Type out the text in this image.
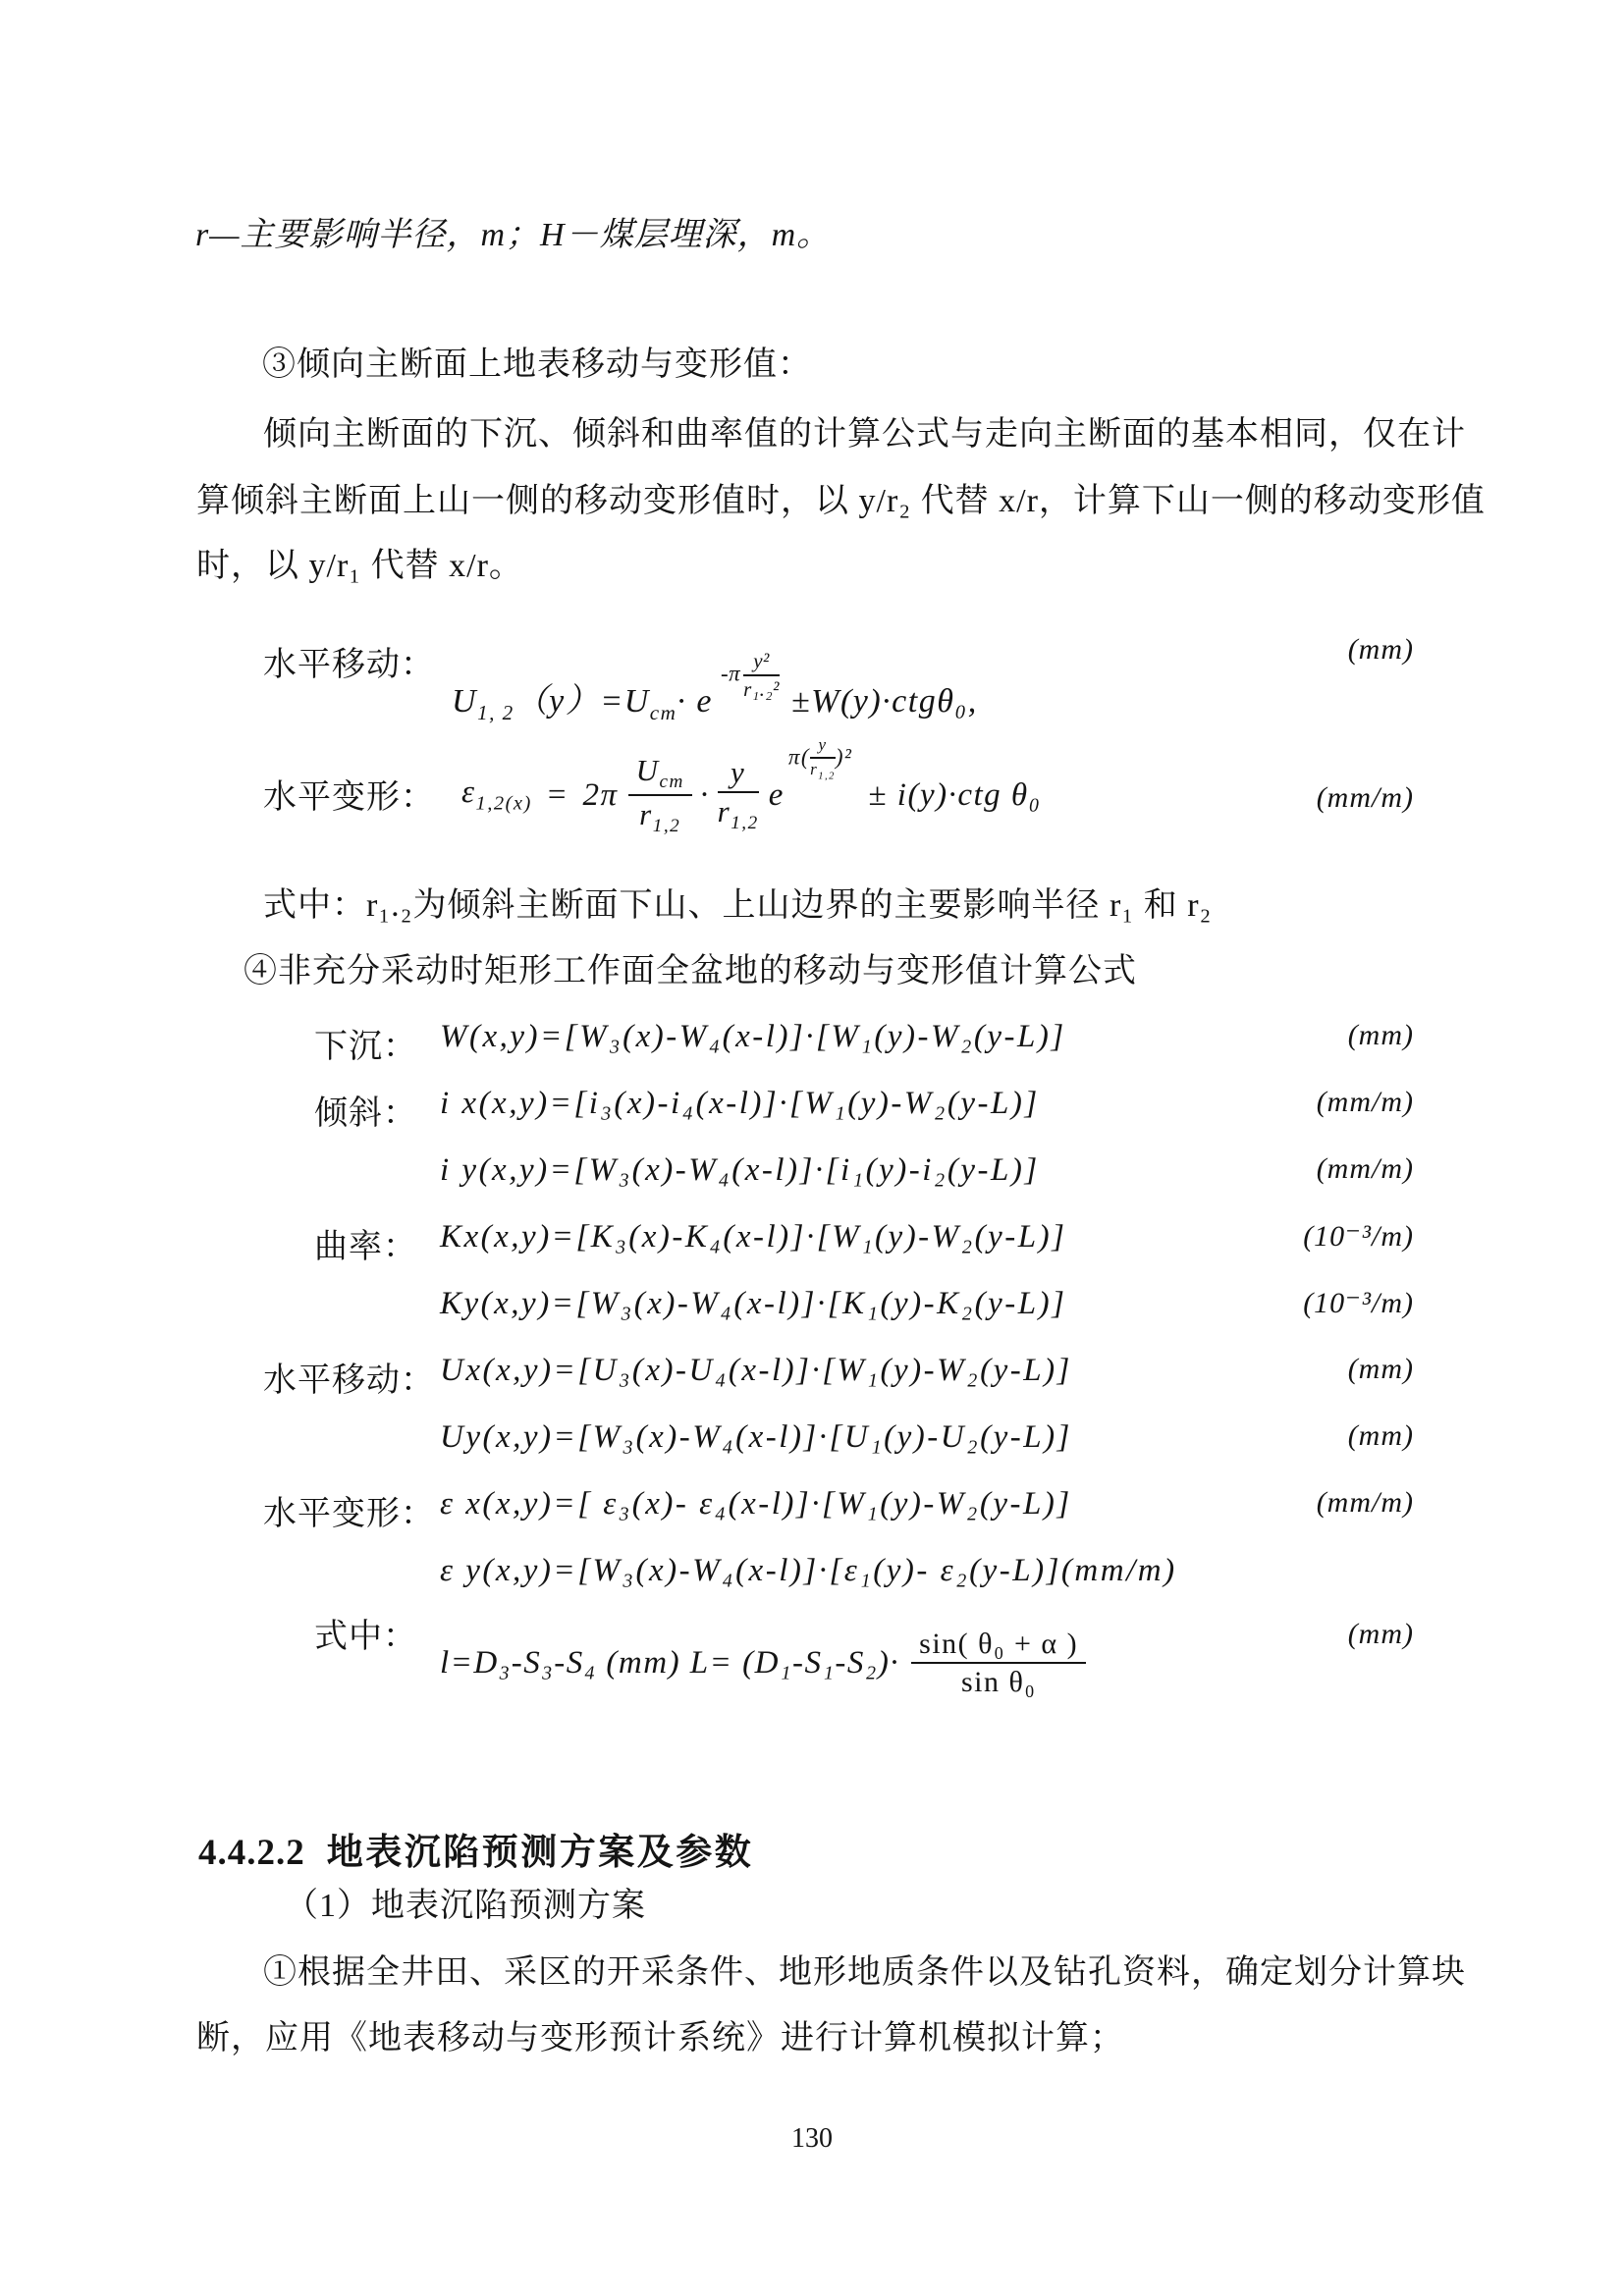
r—主要影响半径，m；H－煤层埋深，m。
③倾向主断面上地表移动与变形值：
倾向主断面的下沉、倾斜和曲率值的计算公式与走向主断面的基本相同，仅在计
算倾斜主断面上山一侧的移动变形值时，以 y/r₂ 代替 x/r，计算下山一侧的移动变形值
时，以 y/r₁ 代替 x/r。
水平移动：
$U_{1, 2}(y)=U_{cm}\cdot e-\pi \frac{\text{y²}}{\text{r₁.₂²}}$
±W(y)·ctgθ₀,
(mm)
水平变形： $\varepsilon_{1,2(x)} = 2\pi \frac{U_{cm}}{r_{1,2}} \cdot \frac{y}{r_{1,2}}$ e
$\pi( \frac{y}{r_{1,2}} )^2$
± i(y)·ctg θ₀	(mm/m)
式中：r₁.₂为倾斜主断面下山、上山边界的主要影响半径 r₁ 和 r₂
④非充分采动时矩形工作面全盆地的移动与变形值计算公式
下沉： W(x,y)=[W₃(x)-W₄(x-l)]·[W₁(y)-W₂(y-L)]	(mm)
倾斜： i x(x,y)=[i₃(x)-i₄(x-l)]·[W₁(y)-W₂(y-L)]	(mm/m)
i y(x,y)=[W₃(x)-W₄(x-l)]·[i₁(y)-i₂(y-L)]	(mm/m)
曲率： Kx(x,y)=[K₃(x)-K₄(x-l)]·[W₁(y)-W₂(y-L)]	(10⁻³/m)
Ky(x,y)=[W₃(x)-W₄(x-l)]·[K₁(y)-K₂(y-L)]	(10⁻³/m)
水平移动： Ux(x,y)=[U₃(x)-U₄(x-l)]·[W₁(y)-W₂(y-L)]	(mm)
Uy(x,y)=[W₃(x)-W₄(x-l)]·[U₁(y)-U₂(y-L)]	(mm)
水平变形： ε x(x,y)=[ ε₃(x)- ε₄(x-l)]·[W₁(y)-W₂(y-L)]	(mm/m)
ε y(x,y)=[W₃(x)-W₄(x-l)]·[ε₁(y)- ε₂(y-L)](mm/m)
式中：
l=D₃-S₃-S₄ (mm) $L= (D_1-S_1-S_2)\cdot \frac{\text{sin( θ₀ + α )}}{\text{sin θ₀}}$	(mm)
4.4.2.2 地表沉陷预测方案及参数
（1）地表沉陷预测方案
①根据全井田、采区的开采条件、地形地质条件以及钻孔资料，确定划分计算块
断，应用《地表移动与变形预计系统》进行计算机模拟计算；
130
